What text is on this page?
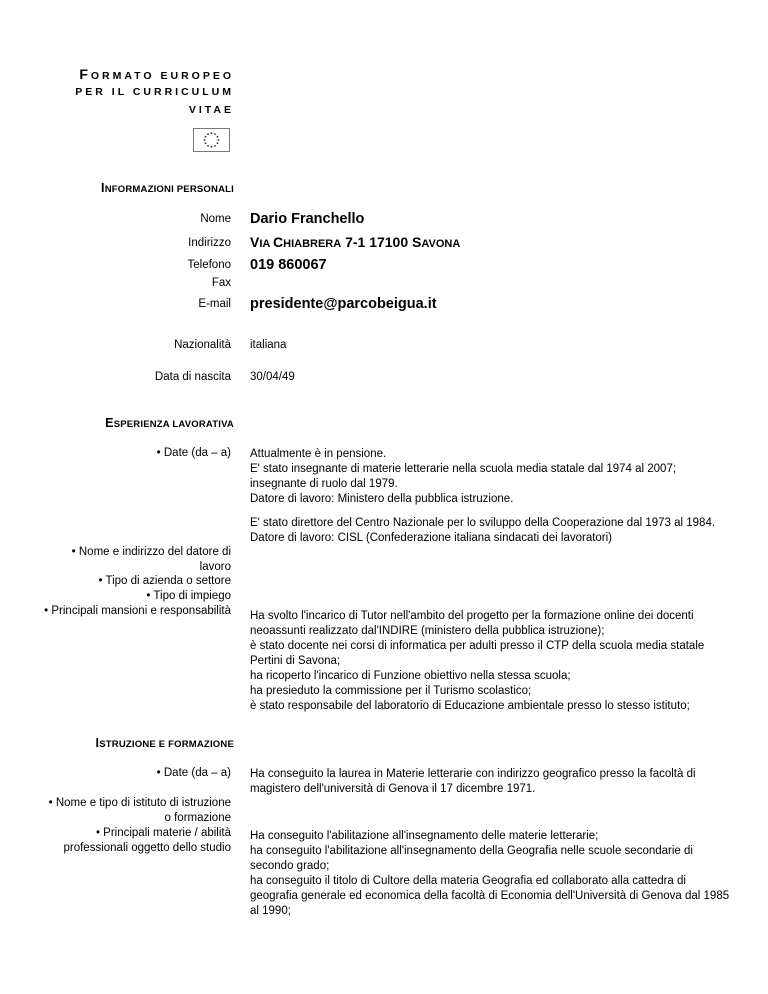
FORMATO EUROPEO
PER IL CURRICULUM
VITAE
INFORMAZIONI PERSONALI
Nome Dario Franchello
Indirizzo VIA CHIABRERA 7-1 17100 SAVONA
Telefono 019 860067
Fax
E-mail presidente@parcobeigua.it
Nazionalità italiana
Data di nascita 30/04/49
ESPERIENZA LAVORATIVA
• Date (da – a) Attualmente è in pensione.
E' stato insegnante di materie letterarie nella scuola media statale dal 1974 al 2007; insegnante di ruolo dal 1979.
Datore di lavoro: Ministero della pubblica istruzione.
E' stato direttore del Centro Nazionale per lo sviluppo della Cooperazione dal 1973 al 1984.
Datore di lavoro: CISL (Confederazione italiana sindacati dei lavoratori)
• Nome e indirizzo del datore di lavoro
• Tipo di azienda o settore
• Tipo di impiego
• Principali mansioni e responsabilità Ha svolto l'incarico di Tutor nell'ambito del progetto per la formazione online dei docenti neoassunti realizzato dal'INDIRE (ministero della pubblica istruzione);
è stato docente nei corsi di informatica per adulti presso il CTP della scuola media statale Pertini di Savona;
ha ricoperto l'incarico di Funzione obiettivo nella stessa scuola;
ha presieduto la commissione per il Turismo scolastico;
è stato responsabile del laboratorio di Educazione ambientale presso lo stesso istituto;
ISTRUZIONE E FORMAZIONE
• Date (da – a) Ha conseguito la laurea in Materie letterarie con indirizzo geografico presso la facoltà di magistero dell'università di Genova il 17 dicembre 1971.
• Nome e tipo di istituto di istruzione o formazione
• Principali materie / abilità professionali oggetto dello studio
Ha conseguito l'abilitazione all'insegnamento delle materie letterarie;
ha conseguito l'abilitazione all'insegnamento della Geografia nelle scuole secondarie di secondo grado;
ha conseguito il titolo di Cultore della materia Geografia ed collaborato alla cattedra di geografia generale ed economica della facoltà di Economia dell'Università di Genova dal 1985 al 1990;
